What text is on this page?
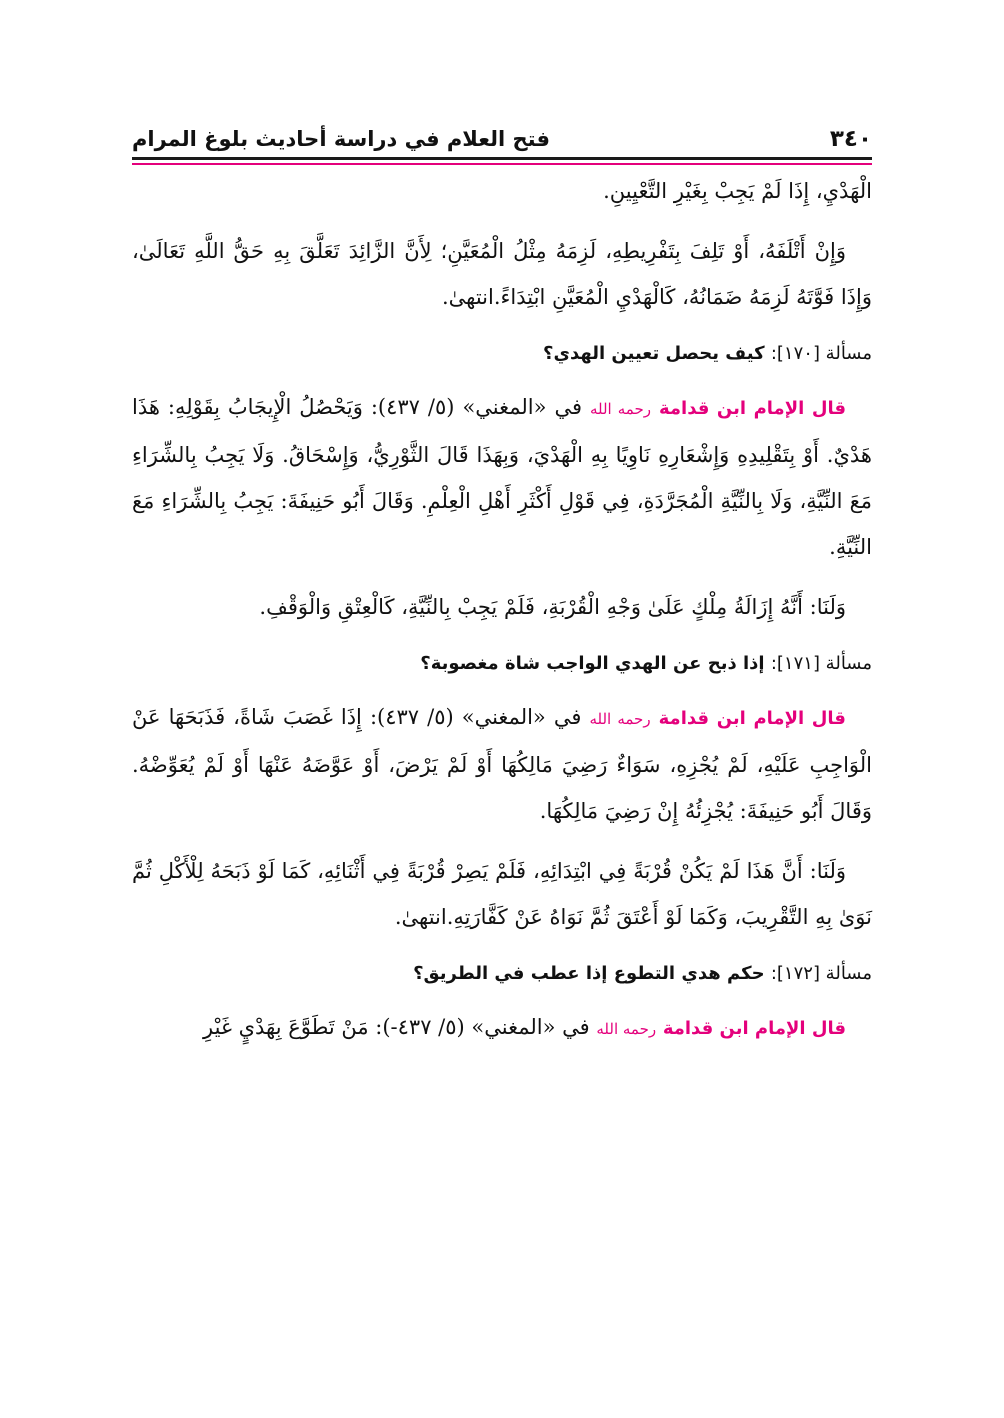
٣٤٠
فتح العلام في دراسة أحاديث بلوغ المرام

الْهَدْيِ، إِذَا لَمْ يَجِبْ بِغَيْرِ التَّعْيِينِ.

وَإِنْ أَتْلَفَهُ، أَوْ تَلِفَ بِتَفْرِيطِهِ، لَزِمَهُ مِثْلُ الْمُعَيَّنِ؛ لِأَنَّ الزَّائِدَ تَعَلَّقَ بِهِ حَقُّ اللَّهِ تَعَالَىٰ، وَإِذَا فَوَّتَهُ لَزِمَهُ ضَمَانُهُ، كَالْهَدْيِ الْمُعَيَّنِ ابْتِدَاءً.انتهىٰ.

مسألة [١٧٠]: كيف يحصل تعيين الهدي؟

قال الإمام ابن قدامة رحمه الله في «المغني» (٥/ ٤٣٧): وَيَحْصُلُ الْإِيجَابُ بِقَوْلِهِ: هَذَا هَدْيٌ. أَوْ بِتَقْلِيدِهِ وَإِشْعَارِهِ نَاوِيًا بِهِ الْهَدْيَ، وَبِهَذَا قَالَ الثَّوْرِيُّ، وَإِسْحَاقُ. وَلَا يَجِبُ بِالشِّرَاءِ مَعَ النِّيَّةِ، وَلَا بِالنِّيَّةِ الْمُجَرَّدَةِ، فِي قَوْلِ أَكْثَرِ أَهْلِ الْعِلْمِ. وَقَالَ أَبُو حَنِيفَةَ: يَجِبُ بِالشِّرَاءِ مَعَ النِّيَّةِ.

وَلَنَا: أَنَّهُ إِزَالَةُ مِلْكٍ عَلَىٰ وَجْهِ الْقُرْبَةِ، فَلَمْ يَجِبْ بِالنِّيَّةِ، كَالْعِتْقِ وَالْوَقْفِ.

مسألة [١٧١]: إذا ذبح عن الهدي الواجب شاة مغصوبة؟

قال الإمام ابن قدامة رحمه الله في «المغني» (٥/ ٤٣٧): إِذَا غَصَبَ شَاةً، فَذَبَحَهَا عَنْ الْوَاجِبِ عَلَيْهِ، لَمْ يُجْزِهِ، سَوَاءٌ رَضِيَ مَالِكُهَا أَوْ لَمْ يَرْضَ، أَوْ عَوَّضَهُ عَنْهَا أَوْ لَمْ يُعَوِّضْهُ. وَقَالَ أَبُو حَنِيفَةَ: يُجْزِئُهُ إِنْ رَضِيَ مَالِكُهَا.

وَلَنَا: أَنَّ هَذَا لَمْ يَكُنْ قُرْبَةً فِي ابْتِدَائِهِ، فَلَمْ يَصِرْ قُرْبَةً فِي أَثْنَائِهِ، كَمَا لَوْ ذَبَحَهُ لِلْأَكْلِ ثُمَّ نَوَىٰ بِهِ التَّقْرِيبَ، وَكَمَا لَوْ أَعْتَقَ ثُمَّ نَوَاهُ عَنْ كَفَّارَتِهِ.انتهىٰ.

مسألة [١٧٢]: حكم هدي التطوع إذا عطب في الطريق؟

قال الإمام ابن قدامة رحمه الله في «المغني» (٥/ ٤٣٧-): مَنْ تَطَوَّعَ بِهَدْيٍ غَيْرِ
